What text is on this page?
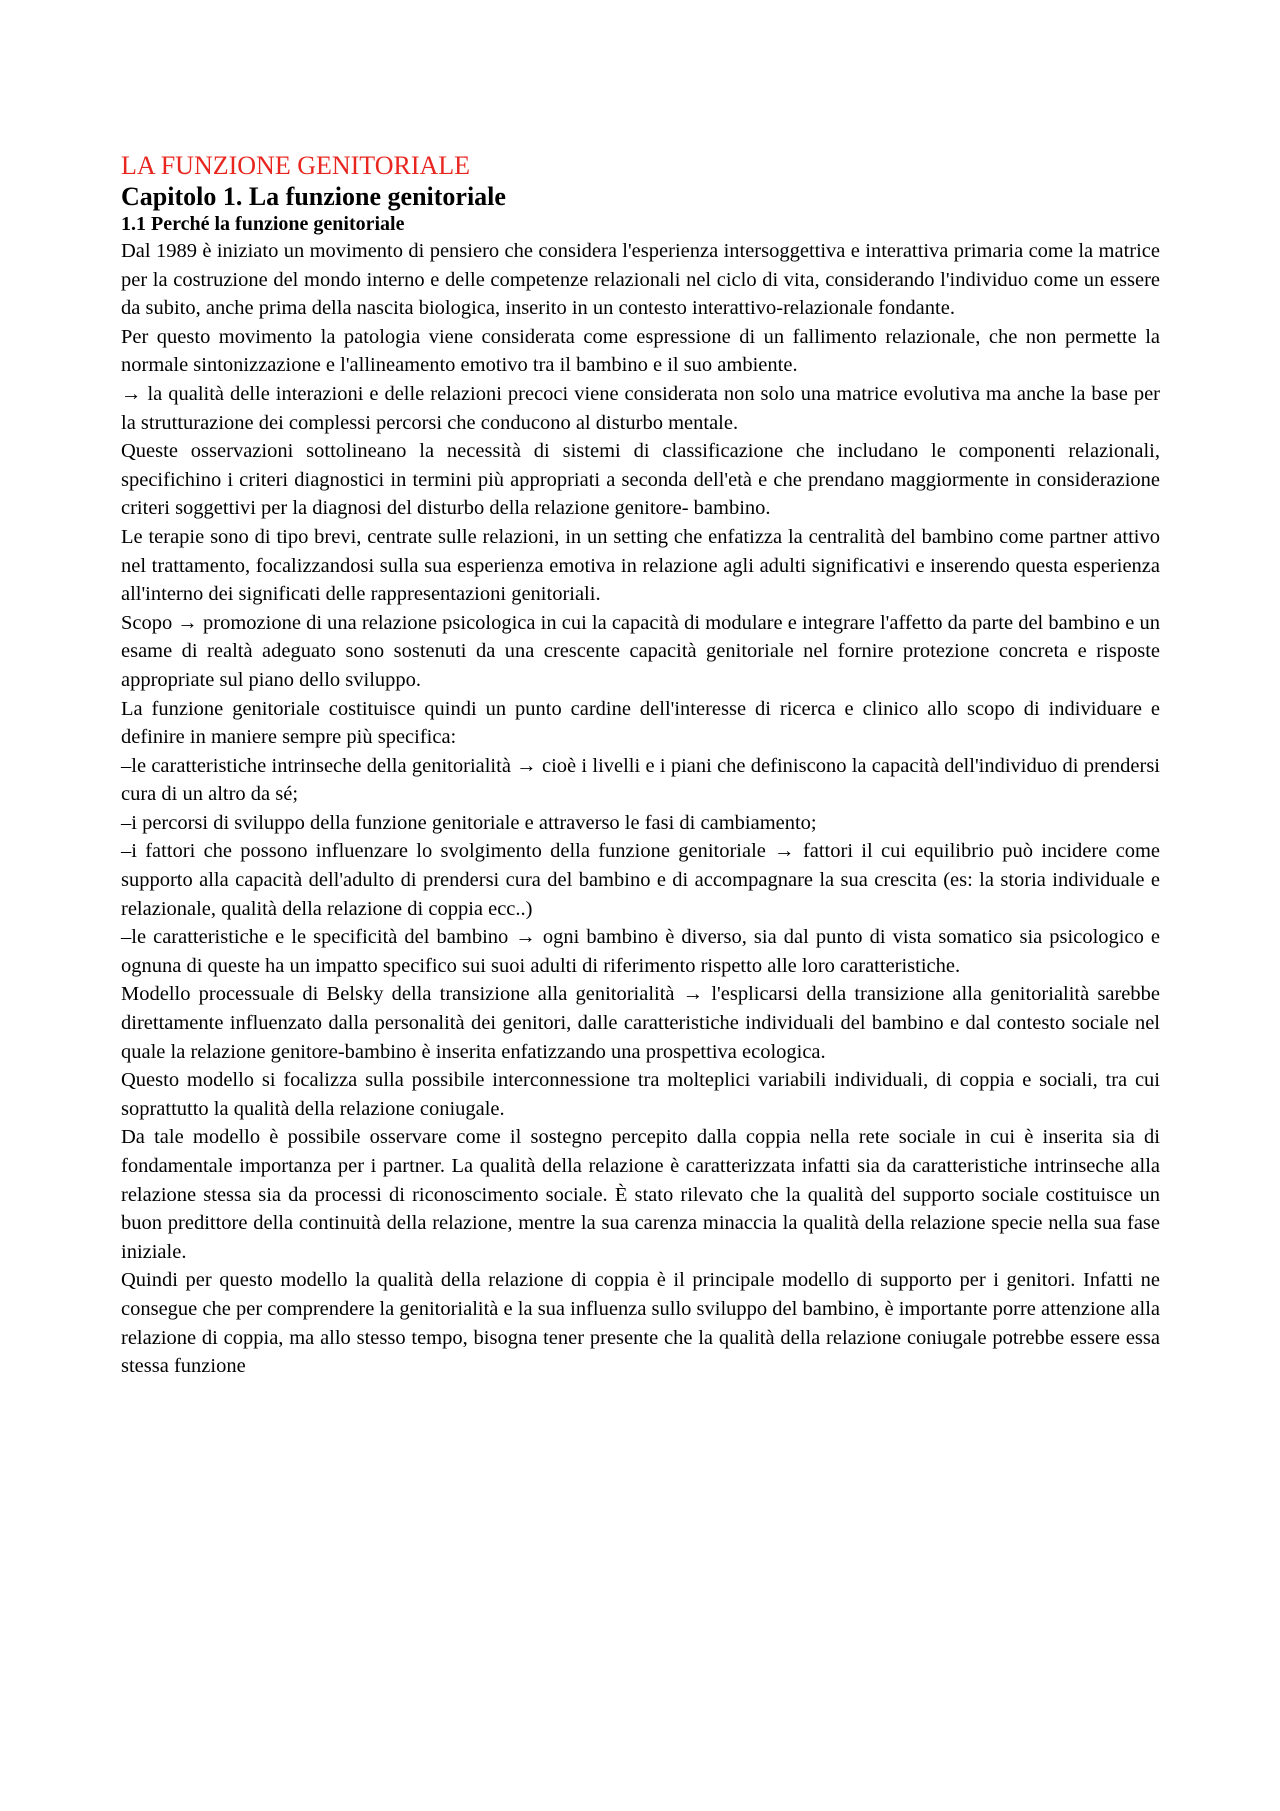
LA FUNZIONE GENITORIALE
Capitolo 1. La funzione genitoriale
1.1 Perché la funzione genitoriale

Dal 1989 è iniziato un movimento di pensiero che considera l'esperienza intersoggettiva e interattiva primaria come la matrice per la costruzione del mondo interno e delle competenze relazionali nel ciclo di vita, considerando l'individuo come un essere da subito, anche prima della nascita biologica, inserito in un contesto interattivo-relazionale fondante.

Per questo movimento la patologia viene considerata come espressione di un fallimento relazionale, che non permette la normale sintonizzazione e l'allineamento emotivo tra il bambino e il suo ambiente.

→ la qualità delle interazioni e delle relazioni precoci viene considerata non solo una matrice evolutiva ma anche la base per la strutturazione dei complessi percorsi che conducono al disturbo mentale.

Queste osservazioni sottolineano la necessità di sistemi di classificazione che includano le componenti relazionali, specifichino i criteri diagnostici in termini più appropriati a seconda dell'età e che prendano maggiormente in considerazione criteri soggettivi per la diagnosi del disturbo della relazione genitore- bambino.

Le terapie sono di tipo brevi, centrate sulle relazioni, in un setting che enfatizza la centralità del bambino come partner attivo nel trattamento, focalizzandosi sulla sua esperienza emotiva in relazione agli adulti significativi e inserendo questa esperienza all'interno dei significati delle rappresentazioni genitoriali.

Scopo → promozione di una relazione psicologica in cui la capacità di modulare e integrare l'affetto da parte del bambino e un esame di realtà adeguato sono sostenuti da una crescente capacità genitoriale nel fornire protezione concreta e risposte appropriate sul piano dello sviluppo.

La funzione genitoriale costituisce quindi un punto cardine dell'interesse di ricerca e clinico allo scopo di individuare e definire in maniere sempre più specifica:

–le caratteristiche intrinseche della genitorialità → cioè i livelli e i piani che definiscono la capacità dell'individuo di prendersi cura di un altro da sé;

–i percorsi di sviluppo della funzione genitoriale e attraverso le fasi di cambiamento;

–i fattori che possono influenzare lo svolgimento della funzione genitoriale → fattori il cui equilibrio può incidere come supporto alla capacità dell'adulto di prendersi cura del bambino e di accompagnare la sua crescita (es: la storia individuale e relazionale, qualità della relazione di coppia ecc..)

–le caratteristiche e le specificità del bambino → ogni bambino è diverso, sia dal punto di vista somatico sia psicologico e ognuna di queste ha un impatto specifico sui suoi adulti di riferimento rispetto alle loro caratteristiche.

Modello processuale di Belsky della transizione alla genitorialità → l'esplicarsi della transizione alla genitorialità sarebbe direttamente influenzato dalla personalità dei genitori, dalle caratteristiche individuali del bambino e dal contesto sociale nel quale la relazione genitore-bambino è inserita enfatizzando una prospettiva ecologica.

Questo modello si focalizza sulla possibile interconnessione tra molteplici variabili individuali, di coppia e sociali, tra cui soprattutto la qualità della relazione coniugale.

Da tale modello è possibile osservare come il sostegno percepito dalla coppia nella rete sociale in cui è inserita sia di fondamentale importanza per i partner. La qualità della relazione è caratterizzata infatti sia da caratteristiche intrinseche alla relazione stessa sia da processi di riconoscimento sociale. È stato rilevato che la qualità del supporto sociale costituisce un buon predittore della continuità della relazione, mentre la sua carenza minaccia la qualità della relazione specie nella sua fase iniziale.

Quindi per questo modello la qualità della relazione di coppia è il principale modello di supporto per i genitori. Infatti ne consegue che per comprendere la genitorialità e la sua influenza sullo sviluppo del bambino, è importante porre attenzione alla relazione di coppia, ma allo stesso tempo, bisogna tener presente che la qualità della relazione coniugale potrebbe essere essa stessa funzione
